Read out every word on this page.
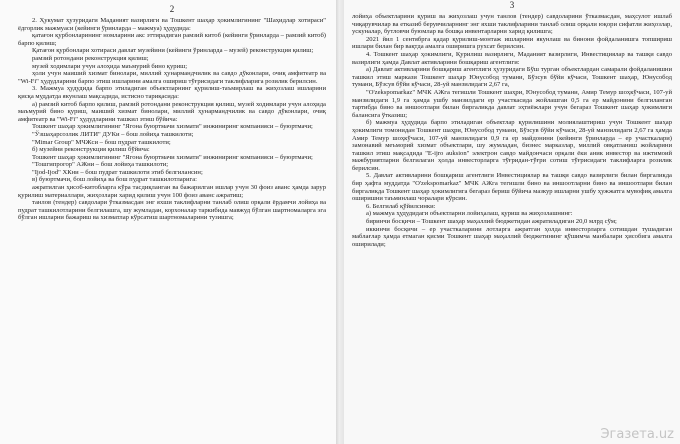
2

2. Ҳукумат ҳузуридаги Маданият вазирлиги ва Тошкент шаҳар ҳокимлигининг "Шаҳидлар хотираси" ёдгорлик мажмуаси (кейинги ўринларда – мажмуа) ҳудудида:

қатағон қурбонларининг номларини акс эттирадиган рамзий китоб (кейинги ўринларда – рамзий китоб) барпо қилиш;

Қатағон қурбонлари хотираси давлат музейини (кейинги ўринларда – музей) реконструкция қилиш;

рамзий ротондани реконструкция қилиш;

музей ходимлари учун алоҳида маъмурий бино қуриш;

ҳоли учун маиший хизмат бинолари, миллий ҳунармандчилик ва савдо дўконлари, очиқ амфитеатр ва "Wi-Fi" ҳудудларини барпо этиш ишларини амалга ошириш тўғрисидаги таклифларига розилик берилсин.

3. Мажмуа ҳудудида барпо этиладиган объектларнинг қурилиш-таъмирлаш ва жиҳозлаш ишларини қисқа муддатда якунлаш мақсадида, истисно тариқасида:

а) рамзий китоб барпо қилиш, рамзий ротондани реконструкция қилиш, музей ходимлари учун алоҳида маъмурий бино қуриш, маиший хизмат бинолари, миллий ҳунармандчилик ва савдо дўконлари, очиқ амфитеатр ва "Wi-Fi" ҳудудларини ташкил этиш бўйича:

Тошкент шаҳар ҳокимлигининг "Ягона буюртмачи хизмати" инжиниринг компанияси – буюртмачи;

"Ўзшаҳарсозлик ЛИТИ" ДУКи – бош лойиҳа ташкилоти;

"Mimar Group" МЧЖси – бош пудрат ташкилоти;

б) музейни реконструкция қилиш бўйича:

Тошкент шаҳар ҳокимлигининг "Ягона буюртмачи хизмати" инжиниринг компанияси – буюртмачи;

"Тошгипрогор" АЖни – бош лойиҳа ташкилоти;

"Ijod-Ijod" ХКни – бош пудрат ташкилоти этиб белгилансин;

в) буюртмачи, бош лойиҳа ва бош пудрат ташкилотларига:

ажратилган ҳисоб-китобларга кўра тасдиқланган ва бажарилган ишлар учун 30 фоиз аванс ҳамда зарур қурилиш материаллари, жиҳозлари харид қилиш учун 100 фоиз аванс ажратиш;

танлов (тендер) савдолари ўтказмасдан энг яхши таклифларни танлаб олиш орқали ёрдамчи лойиҳа ва пудрат ташкилотларини белгилашга, шу жумладан, корхоналар таркибида мавжуд бўлган шартномаларга эга бўлган ишларни бажариш ва хизматлар кўрсатиш шартномаларини тузишга;

3

лойиҳа объектларини қуриш ва жиҳозлаш учун танлов (тендер) савдоларини ўтказмасдан, маҳсулот ишлаб чиқарувчилар ва етказиб берувчиларнинг энг яхши таклифларини танлаб олиш орқали юқори сифатли жиҳозлар, ускуналар, бутловчи буюмлар ва бошқа инвентарларни харид қилишга;

2021 йил 1 сентябрга қадар қурилиш-монтаж ишларини якунлаш ва бинони фойдаланишга топшириш ишлари билан бир вақтда амалга оширишга рухсат берилсин.

4. Тошкент шаҳар ҳокимлиги, Қурилиш вазирлиги, Маданият вазирлиги, Инвестициялар ва ташқи савдо вазирлиги ҳамда Давлат активларини бошқариш агентлиги:

а) Давлат активларини бошқариш агентлиги ҳузуридаги Бўш турган объектлардан самарали фойдаланишни ташкил этиш маркази Тошкент шаҳар Юнусобод тумани, Бўзсув бўйи кўчаси, Тошкент шаҳар, Юнусобод тумани, Бўзсув бўйи кўчаси, 28-уй манзилидаги 2,67 га,

"O'zekspomarkaz" МЧК АЖга тегишли Тошкент шаҳри, Юнусобод тумани, Амир Темур шоҳкўчаси, 107-уй манзилидаги 1,9 га ҳамда ушбу манзилдаги ер участкасида жойлашган 0,5 га ер майдонини белгиланган тартибда бино ва иншоотлари билан биргаликда давлат эҳтиёжлари учун бегараз Тошкент шаҳар ҳокимлиги балансига ўтказиш;

б) мажмуа ҳудудида барпо этиладиган объектлар қурилишини молиялаштириш учун Тошкент шаҳар ҳокимлиги томонидан Тошкент шаҳри, Юнусобод тумани, Бўзсув бўйи кўчаси, 28-уй манзилидаги 2,67 га ҳамда Амир Темур шоҳкўчаси, 107-уй манзилидаги 0,9 га ер майдонини (кейинги ўринларда – ер участкалари) замонавий меъморий хизмат объектлари, шу жумладан, бизнес марказлар, миллий овқатланиш жойларини ташкил этиш мақсадида "E-ijro auksion" электрон савдо майдончаси орқали ёки аник инвестор ва ижтимоий мажбуриятларни белгилаган ҳолда инвесторларга тўғридан-тўғри сотиш тўғрисидаги таклифларга розилик берилсин.

5. Давлат активларини бошқариш агентлиги Инвестициялар ва ташқи савдо вазирлиги билан биргаликда бир ҳафта муддатда "O'zekspomarkaz" МЧК АЖга тегишли бино ва иншоотларни бино ва иншоотлари билан биргаликда Тошкент шаҳар ҳокимлигига бегараз бериш бўйича мазкур ишларни ушбу ҳужжатга мувофиқ амалга оширишни таъминлаш чоралари кўрсин.

6. Белгилаб қўйилсинки:

а) мажмуа ҳудудидаги объектларни лойиҳалаш, қуриш ва жиҳозлашнинг:

биринчи босқичи – Тошкент шаҳар маҳаллий бюджетидан ажратиладиган 20,0 млрд сўм;

иккинчи босқичи – ер участкаларини лотларга ажратган ҳолда инвесторларга сотишдан тушадиган маблағлар ҳамда етмаган қисми Тошкент шаҳар маҳаллий бюджетининг қўшимча манбалари ҳисобига амалга оширилади;

Эгазета.uz
